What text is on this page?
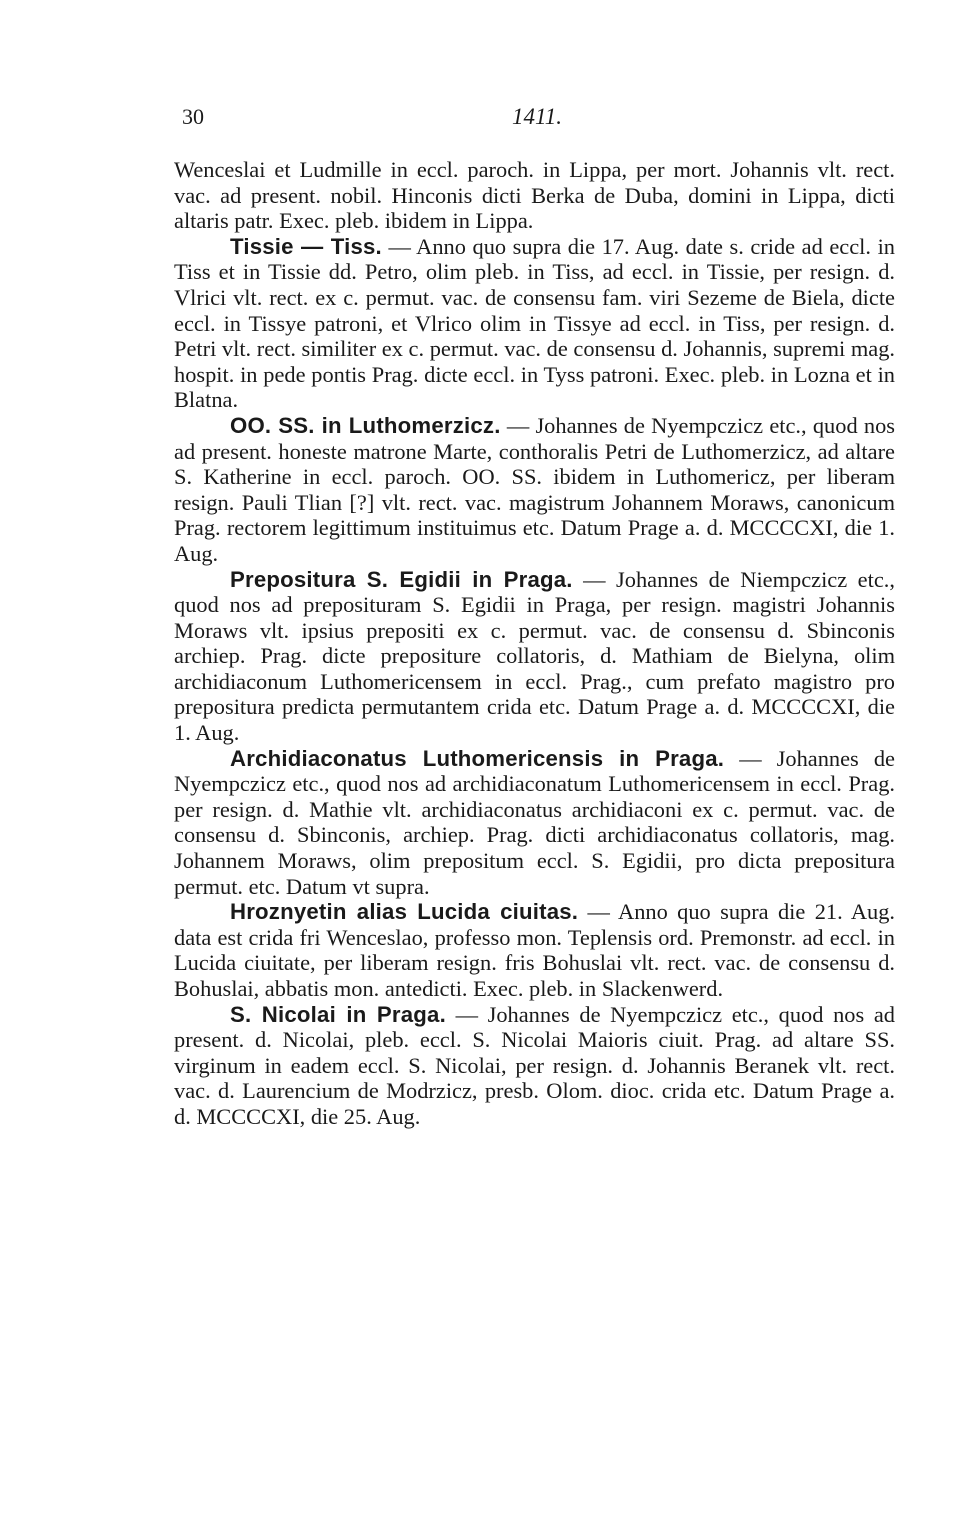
30	1411.

Wenceslai et Ludmille in eccl. paroch. in Lippa, per mort. Johannis vlt. rect. vac. ad present. nobil. Hinconis dicti Berka de Duba, domini in Lippa, dicti altaris patr. Exec. pleb. ibidem in Lippa.

Tissie — Tiss. — Anno quo supra die 17. Aug. date s. cride ad eccl. in Tiss et in Tissie dd. Petro, olim pleb. in Tiss, ad eccl. in Tissie, per resign. d. Vlrici vlt. rect. ex c. permut. vac. de consensu fam. viri Sezeme de Biela, dicte eccl. in Tissye patroni, et Vlrico olim in Tissye ad eccl. in Tiss, per resign. d. Petri vlt. rect. similiter ex c. permut. vac. de consensu d. Johannis, supremi mag. hospit. in pede pontis Prag. dicte eccl. in Tyss patroni. Exec. pleb. in Lozna et in Blatna.

OO. SS. in Luthomerzicz. — Johannes de Nyempczicz etc., quod nos ad present. honeste matrone Marte, conthoralis Petri de Luthomerzicz, ad altare S. Katherine in eccl. paroch. OO. SS. ibidem in Luthomericz, per liberam resign. Pauli Tlian [?] vlt. rect. vac. magistrum Johannem Moraws, canonicum Prag. rectorem legittimum instituimus etc. Datum Prage a. d. MCCCCXI, die 1. Aug.

Prepositura S. Egidii in Praga. — Johannes de Niempczicz etc., quod nos ad preposituram S. Egidii in Praga, per resign. magistri Johannis Moraws vlt. ipsius prepositi ex c. permut. vac. de consensu d. Sbinconis archiep. Prag. dicte prepositure collatoris, d. Mathiam de Bielyna, olim archidiaconum Luthomericensem in eccl. Prag., cum prefato magistro pro prepositura predicta permutantem crida etc. Datum Prage a. d. MCCCCXI, die 1. Aug.

Archidiaconatus Luthomericensis in Praga. — Johannes de Nyempczicz etc., quod nos ad archidiaconatum Luthomericensem in eccl. Prag. per resign. d. Mathie vlt. archidiaconatus archidiaconi ex c. permut. vac. de consensu d. Sbinconis, archiep. Prag. dicti archidiaconatus collatoris, mag. Johannem Moraws, olim prepositum eccl. S. Egidii, pro dicta prepositura permut. etc. Datum vt supra.

Hroznyetin alias Lucida ciuitas. — Anno quo supra die 21. Aug. data est crida fri Wenceslao, professo mon. Teplensis ord. Premonstr. ad eccl. in Lucida ciuitate, per liberam resign. fris Bohuslai vlt. rect. vac. de consensu d. Bohuslai, abbatis mon. antedicti. Exec. pleb. in Slackenwerd.

S. Nicolai in Praga. — Johannes de Nyempczicz etc., quod nos ad present. d. Nicolai, pleb. eccl. S. Nicolai Maioris ciuit. Prag. ad altare SS. virginum in eadem eccl. S. Nicolai, per resign. d. Johannis Beranek vlt. rect. vac. d. Laurencium de Modrzicz, presb. Olom. dioc. crida etc. Datum Prage a. d. MCCCCXI, die 25. Aug.
